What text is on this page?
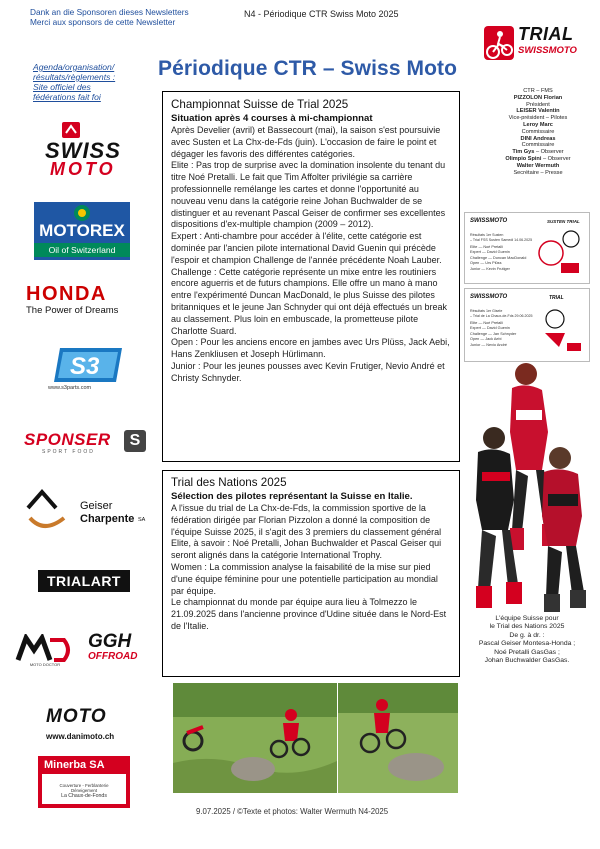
Dank an die Sponsoren dieses Newsletters
Merci aux sponsors de cette Newsletter
N4 - Périodique CTR Swiss Moto 2025
Agenda/organisation/
résultats/règlements :
Site officiel des
fédérations fait foi
Périodique CTR – Swiss Moto
TRIAL
SWISSMOTO
CTR – FMS
PIZZOLON Florian
Président
LEISER Valentin
Vice-président – Pilotes
Leroy Marc
Commissaire
DINI Andreas
Commissaire
Tim Gys – Observer
Olimpio Spini – Observer
Walter Wermuth
Secrétaire – Presse
SWISS
MOTO
MOTOREX
Oil of Switzerland
HONDA
The Power of Dreams
S3
www.s3parts.com
SPONSER
SPORT FOOD
S
Geiser
Charpente SA
TRIALART
MOTO DOCTOR
GGH
OFFROAD
MOTO
www.danimoto.ch
Minerba SA
Couverture - Ferblanterie
Déneigement
La Chaux-de-Fonds
Championnat Suisse de Trial 2025
Situation après 4 courses à mi-championnat

Après Develier (avril) et Bassecourt (mai), la saison s'est poursuivie avec Susten et La Chx-de-Fds (juin). L'occasion de faire le point et dégager les favoris des différentes catégories.

Elite : Pas trop de surprise avec la domination insolente du tenant du titre Noé Pretalli. Le fait que Tim Affolter privilégie sa carrière professionnelle remélange les cartes et donne l'opportunité au nouveau venu dans la catégorie reine Johan Buchwalder de se distinguer et au revenant Pascal Geiser de confirmer ses excellentes dispositions d'ex-multiple champion (2009 – 2012).

Expert : Anti-chambre pour accéder à l'élite, cette catégorie est dominée par l'ancien pilote international David Guenin qui précède l'espoir et champion Challenge de l'année précédente Noah Lauber.

Challenge : Cette catégorie représente un mixe entre les routiniers encore aguerris et de futurs champions. Elle offre un mano à mano entre l'expérimenté Duncan MacDonald, le plus Suisse des pilotes britanniques et le jeune Jan Schnyder qui ont déjà effectués un break au classement. Plus loin en embuscade, la prometteuse pilote Charlotte Suard.

Open : Pour les anciens encore en jambes avec Urs Plüss, Jack Aebi, Hans Zenkliusen et Joseph Hürlimann.

Junior : Pour les jeunes pousses avec Kevin Frutiger, Nevio André et Christy Schnyder.

SWISSMOTO
Résultats 1er Susten
– Trial FSS Susten Samedi 14.06.2025
Elite — Noé Pretalli
Expert — David Guenin
Challenge — Duncan MacDonald
Open — Urs Plüss
Junior — Kevin Frutiger
SUSTEN TRIAL
SWISSMOTO
Résultats 1er Gisele
– Trial de La Chaux-de-Fds 29.06.2025
Elite — Noé Pretalli
Expert — David Guenin
Challenge — Jan Schnyder
Open — Jack Aebi
Junior — Nevio André
TRIAL
L'équipe Suisse pour
le Trial des Nations 2025
De g. à dr. :
Pascal Geiser Montesa-Honda ;
Noé Pretalli GasGas ;
Johan Buchwalder GasGas.
Trial des Nations 2025
Sélection des pilotes représentant la Suisse en Italie.

A l'issue du trial de La Chx-de-Fds, la commission sportive de la fédération dirigée par Florian Pizzolon a donné la composition de l'équipe Suisse 2025, il s'agit des 3 premiers du classement général Elite, à savoir : Noé Pretalli, Johan Buchwalder et Pascal Geiser qui seront alignés dans la catégorie International Trophy.

Women : La commission analyse la faisabilité de la mise sur pied d'une équipe féminine pour une potentielle participation au mondial par équipe.

Le championnat du monde par équipe aura lieu à Tolmezzo le 21.09.2025 dans l'ancienne province d'Udine située dans le Nord-Est de l'Italie.

9.07.2025 / ©Texte et photos: Walter Wermuth N4-2025
